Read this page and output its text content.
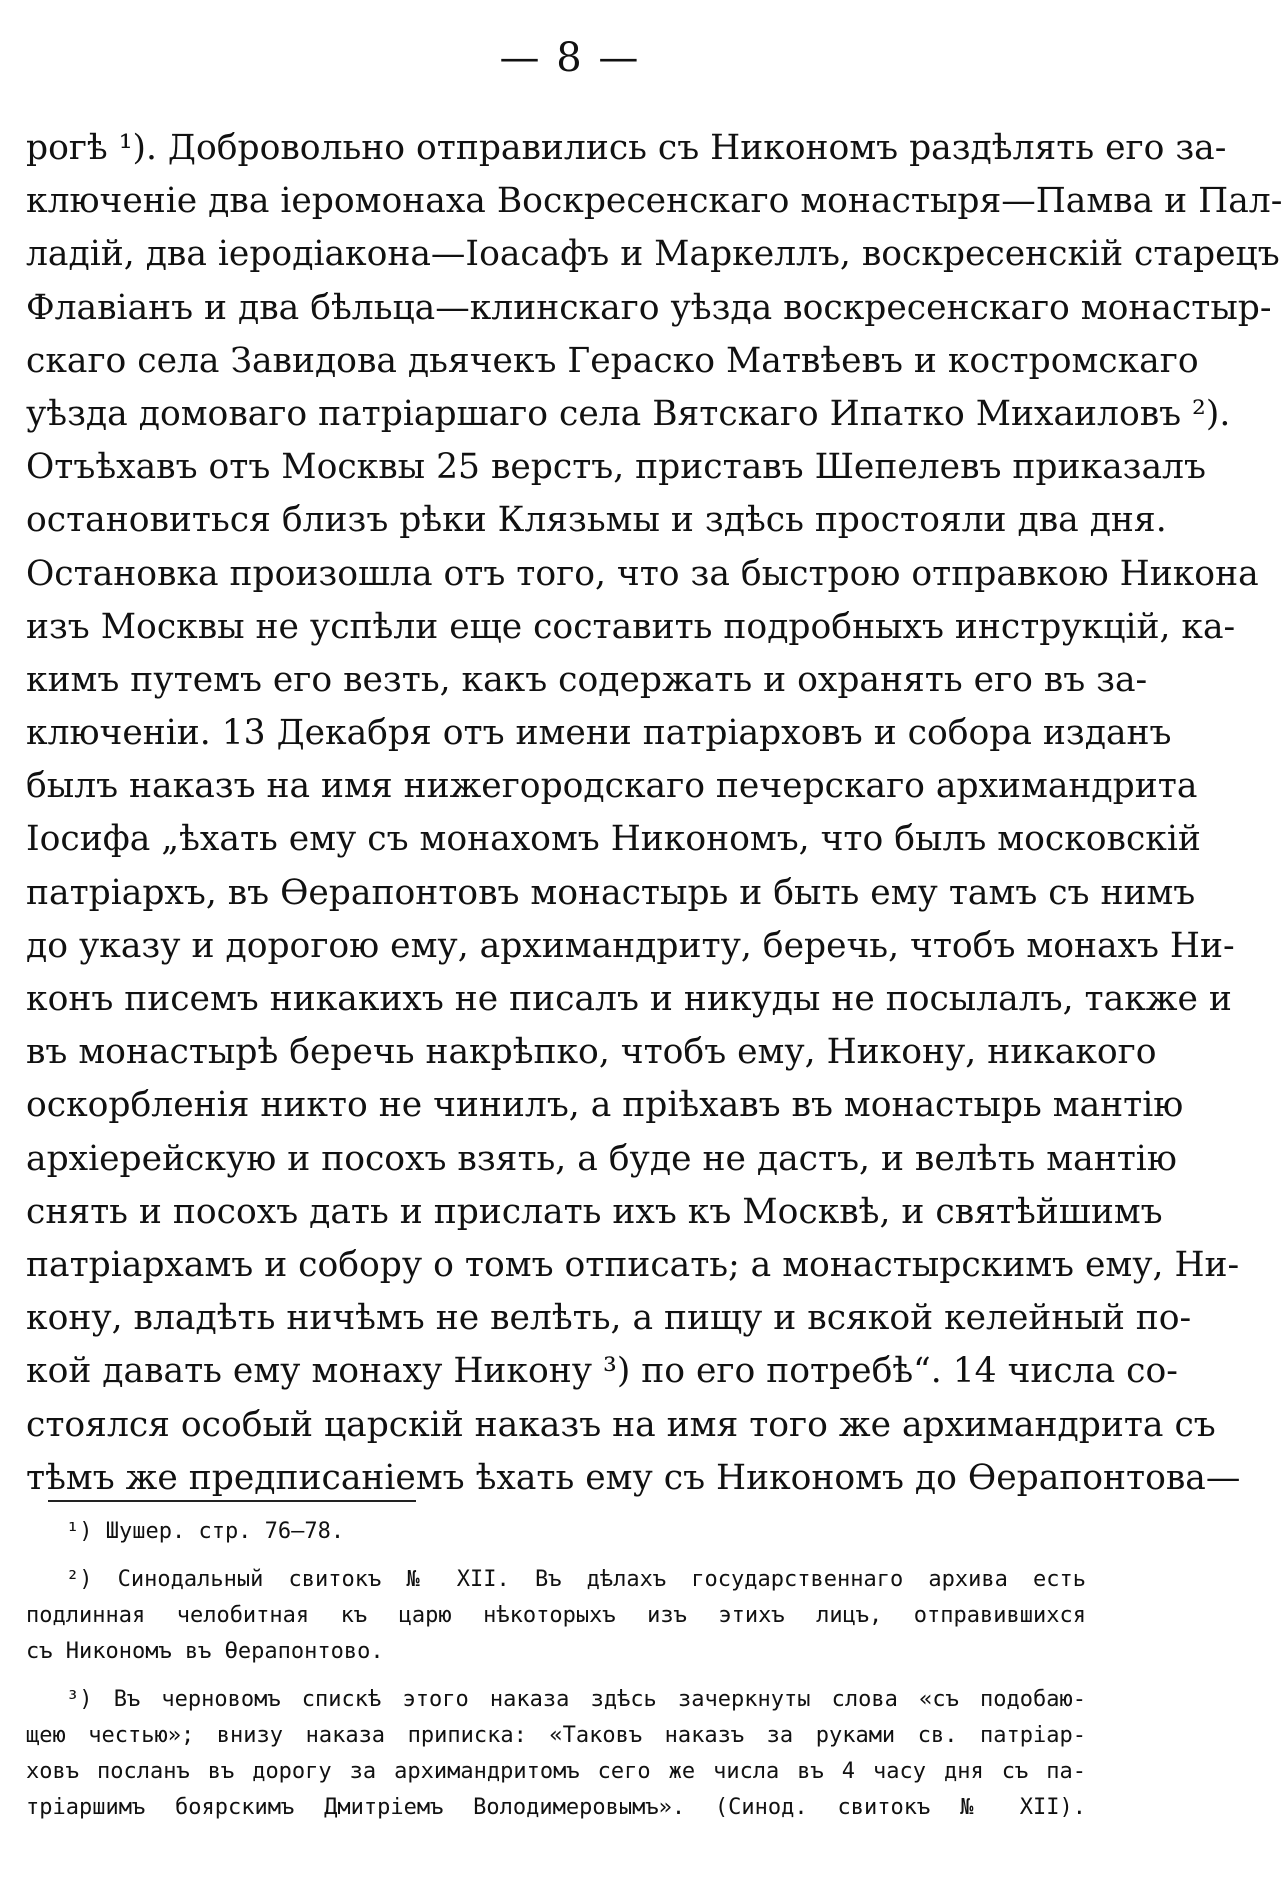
— 8 —
рогѣ ¹). Добровольно отправились съ Никономъ раздѣлять его за-
ключеніе два іеромонаха Воскресенскаго монастыря—Памва и Пал-
ладій, два іеродіакона—Іоасафъ и Маркеллъ, воскресенскій старецъ
Флавіанъ и два бѣльца—клинскаго уѣзда воскресенскаго монастыр-
скаго села Завидова дьячекъ Гераско Матвѣевъ и костромскаго
уѣзда домоваго патріаршаго села Вятскаго Ипатко Михаиловъ ²).
Отъѣхавъ отъ Москвы 25 верстъ, приставъ Шепелевъ приказалъ
остановиться близъ рѣки Клязьмы и здѣсь простояли два дня.
Остановка произошла отъ того, что за быстрою отправкою Никона
изъ Москвы не успѣли еще составить подробныхъ инструкцій, ка-
кимъ путемъ его везть, какъ содержать и охранять его въ за-
ключеніи. 13 Декабря отъ имени патріарховъ и собора изданъ
былъ наказъ на имя нижегородскаго печерскаго архимандрита
Іосифа „ѣхать ему съ монахомъ Никономъ, что былъ московскій
патріархъ, въ Ѳерапонтовъ монастырь и быть ему тамъ съ нимъ
до указу и дорогою ему, архимандриту, беречь, чтобъ монахъ Ни-
конъ писемъ никакихъ не писалъ и никуды не посылалъ, также и
въ монастырѣ беречь накрѣпко, чтобъ ему, Никону, никакого
оскорбленія никто не чинилъ, а пріѣхавъ въ монастырь мантію
архіерейскую и посохъ взять, а буде не дастъ, и велѣть мантію
снять и посохъ дать и прислать ихъ къ Москвѣ, и святѣйшимъ
патріархамъ и собору о томъ отписать; а монастырскимъ ему, Ни-
кону, владѣть ничѣмъ не велѣть, а пищу и всякой келейный по-
кой давать ему монаху Никону ³) по его потребѣ“. 14 числа со-
стоялся особый царскій наказъ на имя того же архимандрита съ
тѣмъ же предписаніемъ ѣхать ему съ Никономъ до Ѳерапонтова—
¹) Шушер. стр. 76—78.
²) Синодальный свитокъ № XII. Въ дѣлахъ государственнаго архива есть
подлинная челобитная къ царю нѣкоторыхъ изъ этихъ лицъ, отправившихся
съ Никономъ въ Ѳерапонтово.
³) Въ черновомъ спискѣ этого наказа здѣсь зачеркнуты слова «съ подобаю-
щею честью»; внизу наказа приписка: «Таковъ наказъ за руками св. патріар-
ховъ посланъ въ дорогу за архимандритомъ сего же числа въ 4 часу дня съ па-
тріаршимъ боярскимъ Дмитріемъ Володимеровымъ». (Синод. свитокъ № XII).
